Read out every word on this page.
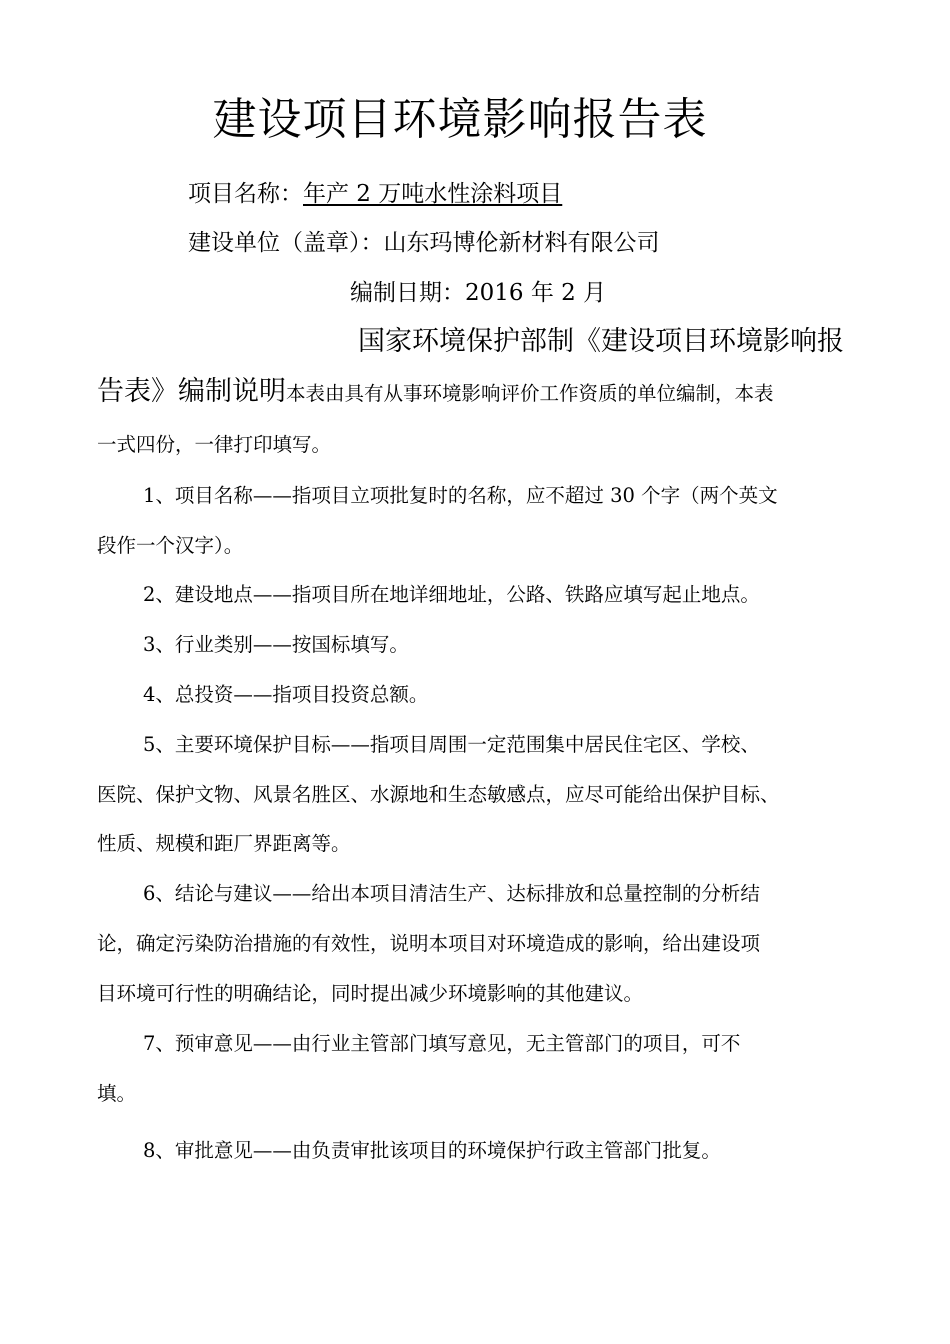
建设项目环境影响报告表
项目名称：年产 2 万吨水性涂料项目
建设单位（盖章）：山东玛博伦新材料有限公司
编制日期：2016 年 2 月
国家环境保护部制《建设项目环境影响报
告表》编制说明本表由具有从事环境影响评价工作资质的单位编制，本表
一式四份，一律打印填写。
1、项目名称——指项目立项批复时的名称，应不超过 30 个字（两个英文
段作一个汉字）。
2、建设地点——指项目所在地详细地址，公路、铁路应填写起止地点。
3、行业类别——按国标填写。
4、总投资——指项目投资总额。
5、主要环境保护目标——指项目周围一定范围集中居民住宅区、学校、
医院、保护文物、风景名胜区、水源地和生态敏感点，应尽可能给出保护目标、
性质、规模和距厂界距离等。
6、结论与建议——给出本项目清洁生产、达标排放和总量控制的分析结
论，确定污染防治措施的有效性，说明本项目对环境造成的影响，给出建设项
目环境可行性的明确结论，同时提出减少环境影响的其他建议。
7、预审意见——由行业主管部门填写意见，无主管部门的项目，可不
填。
8、审批意见——由负责审批该项目的环境保护行政主管部门批复。
